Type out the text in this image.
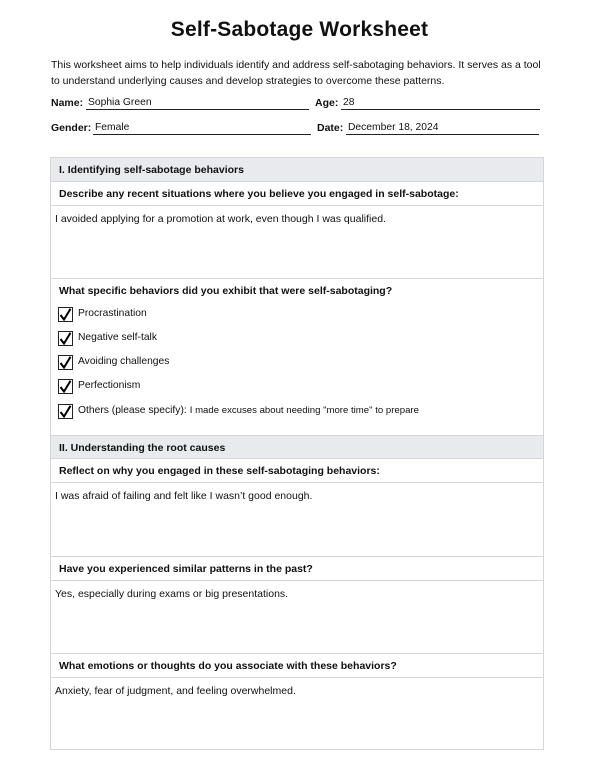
Self-Sabotage Worksheet

This worksheet aims to help individuals identify and address self-sabotaging behaviors. It serves as a tool to understand underlying causes and develop strategies to overcome these patterns.

Name: Sophia Green	Age: 28
Gender: Female	Date: December 18, 2024
I. Identifying self-sabotage behaviors
Describe any recent situations where you believe you engaged in self-sabotage:
I avoided applying for a promotion at work, even though I was qualified.
What specific behaviors did you exhibit that were self-sabotaging?
Procrastination
Negative self-talk
Avoiding challenges
Perfectionism
Others (please specify): I made excuses about needing "more time" to prepare
II. Understanding the root causes
Reflect on why you engaged in these self-sabotaging behaviors:
I was afraid of failing and felt like I wasn’t good enough.
Have you experienced similar patterns in the past?
Yes, especially during exams or big presentations.
What emotions or thoughts do you associate with these behaviors?
Anxiety, fear of judgment, and feeling overwhelmed.
